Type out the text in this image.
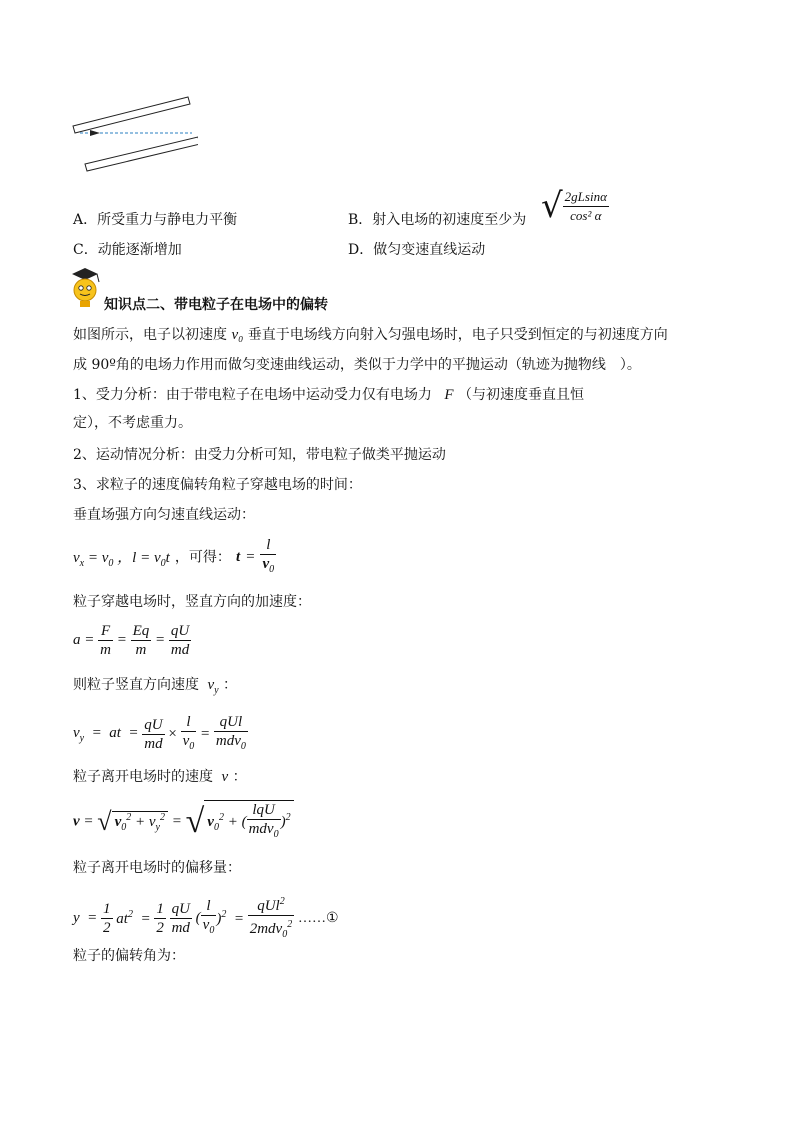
A．所受重力与静电力平衡	B．射入电场的初速度至少为 √ $\frac{2gLsin\alpha}{\text{cos² α}}$
C．动能逐渐增加	D．做匀变速直线运动
知识点二、带电粒子在电场中的偏转
如图所示，电子以初速度 v₀ 垂直于电场线方向射入匀强电场时，电子只受到恒定的与初速度方向
成 90º角的电场力作用而做匀变速曲线运动，类似于力学中的平抛运动（轨迹为抛物线　）。
1、受力分析：由于带电粒子在电场中运动受力仅有电场力 F （与初速度垂直且恒
定），不考虑重力。
2、运动情况分析：由受力分析可知，带电粒子做类平抛运动
3、求粒子的速度偏转角粒子穿越电场的时间：
垂直场强方向匀速直线运动：
$v_x = v_0$ ，$l = v_0t$ ，可得： $t = \frac{l}{v_0}$
粒子穿越电场时，竖直方向的加速度：
$a = \frac{F}{m} = \frac{Eq}{m} = \frac{qU}{md}$
则粒子竖直方向速度 $v_y$ ：
$v_y$  =  at  = $\frac{qU}{md} \times \frac{l}{v_0} = \frac{\text{qUl}}{mdv_0}$
粒子离开电场时的速度 v ：
v = √ $v_0^2 + v_y^2$ = √ $v_0^2$ + ( $\frac{\text{lqU}}{mdv_0} )^2$
粒子离开电场时的偏移量：
$y = \frac{1}{2} at^2 = \frac{1}{2}$
$\frac{qU}{md}$ ( $\frac{l}{v_0} )^2 = \frac{qUl^2}{2mdv_0^2}$ ……①
粒子的偏转角为：
